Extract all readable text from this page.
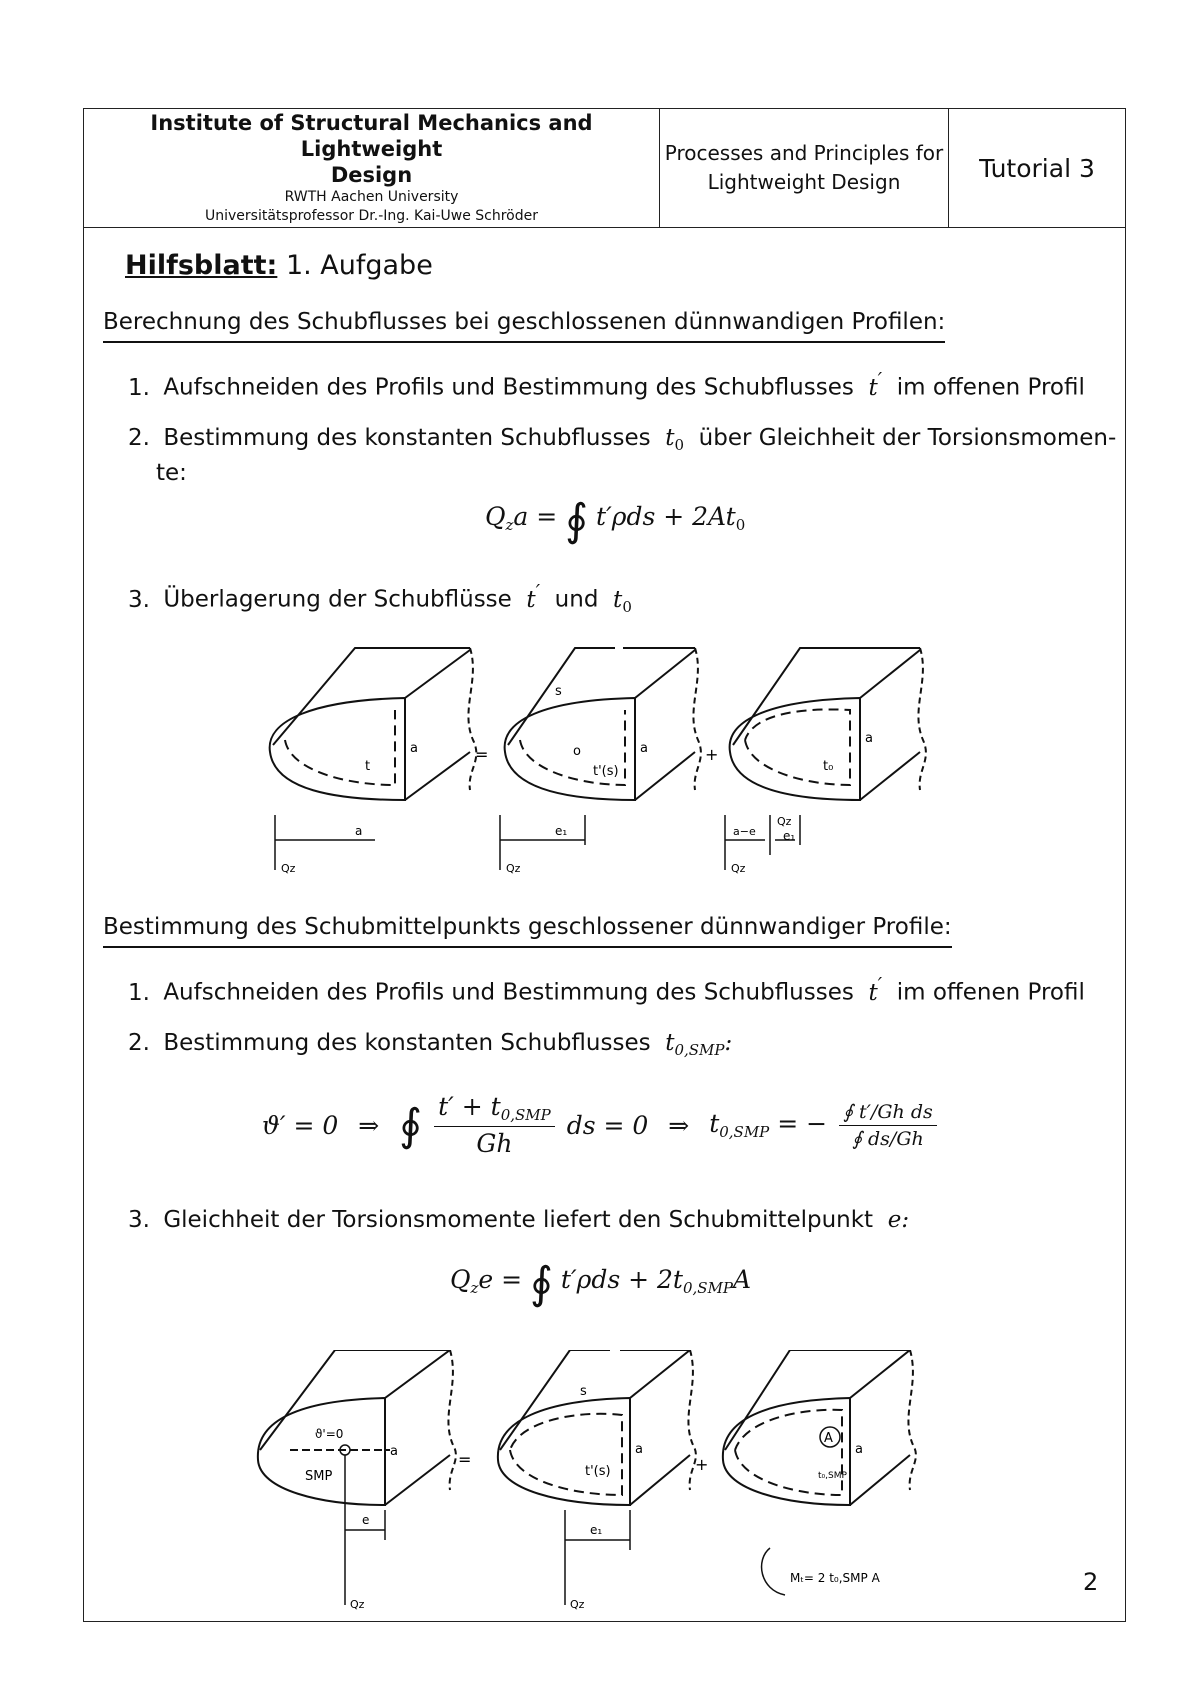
Institute of Structural Mechanics and Lightweight
Design
RWTH Aachen University
Universitätsprofessor Dr.-Ing. Kai-Uwe Schröder
Processes and Principles for
Lightweight Design	Tutorial 3
Hilfsblatt: 1. Aufgabe
Berechnung des Schubflusses bei geschlossenen dünnwandigen Profilen:
1. Aufschneiden des Profils und Bestimmung des Schubflusses  t′ im offenen Profil
2. Bestimmung des konstanten Schubflusses  $t_0$ über Gleichheit der Torsionsmomen-
te:
$Q_za$ = ∮ $t'\rho ds + 2At_0$
3. Überlagerung der Schubflüsse  t′ und  $t_0$
a
t
=
s
o	a
t'(s)
+
a
t₀
a
Qz
e₁
Qz
a−e
Qz
e₁
Qz
Bestimmung des Schubmittelpunkts geschlossener dünnwandiger Profile:
1. Aufschneiden des Profils und Bestimmung des Schubflusses  t′ im offenen Profil
2. Bestimmung des konstanten Schubflusses  $t_{0,SMP}$:
ϑ′ = 0 ⇒ ∮ $\frac{t' + t_{0,SMP}}{Gh}$ ds = 0 ⇒ $t_{0,SMP}$ = − $\frac{\text{∮ t′/Gh ds}}{∮ ds/Gh}$
3. Gleichheit der Torsionsmomente liefert den Schubmittelpunkt  e:
$Q_ze$ = ∮ $t'\rho ds + 2t_{0,SMP}A$
ϑ'=0
SMP
a	=
s
a
t'(s)	+
A
a
t₀,SMP
e
Qz
e₁
Qz
Mₜ= 2 t₀,SMP A	2
